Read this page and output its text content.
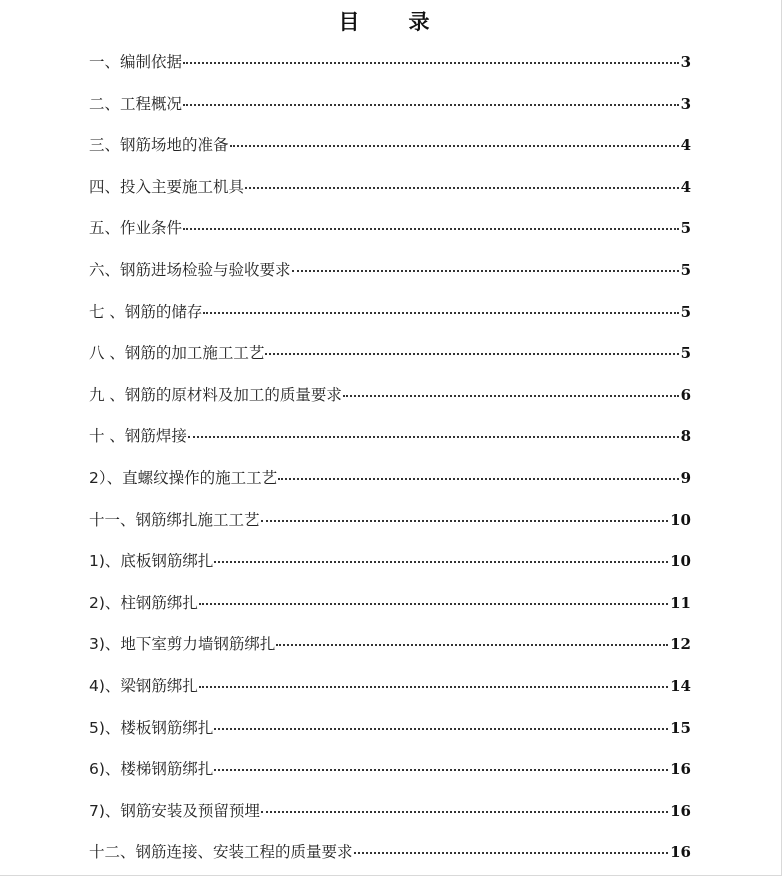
目　录
一、编制依据	3
二、工程概况	3
三、钢筋场地的准备	4
四、投入主要施工机具	4
五、作业条件	5
六、钢筋进场检验与验收要求	5
七 、钢筋的储存	5
八 、钢筋的加工施工工艺	5
九 、钢筋的原材料及加工的质量要求	6
十 、钢筋焊接	8
2）、直螺纹操作的施工工艺	9
十一、钢筋绑扎施工工艺	10
1)、底板钢筋绑扎	10
2)、柱钢筋绑扎	11
3)、地下室剪力墙钢筋绑扎	12
4)、梁钢筋绑扎	14
5)、楼板钢筋绑扎	15
6)、楼梯钢筋绑扎	16
7)、钢筋安装及预留预埋	16
十二、钢筋连接、安装工程的质量要求	16
